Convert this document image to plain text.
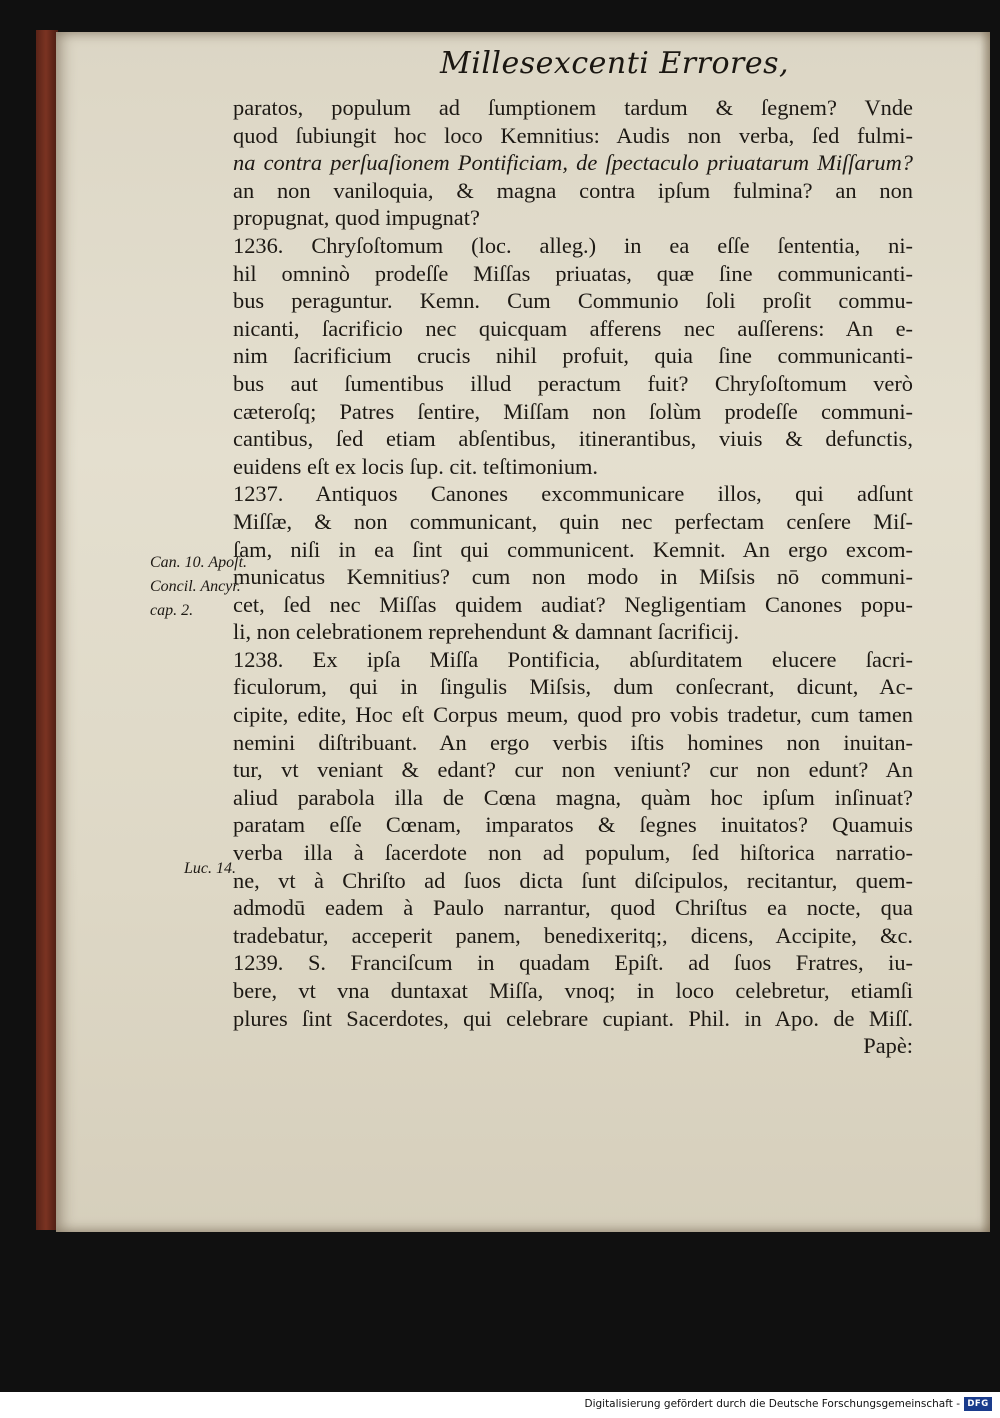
Millesexcenti Errores,
paratos, populum ad ſumptionem tardum & ſegnem? Vnde
quod ſubiungit hoc loco Kemnitius: Audis non verba, ſed fulmi-
na contra perſuaſionem Pontificiam, de ſpectaculo priuatarum Miſſarum?
an non vaniloquia, & magna contra ipſum fulmina? an non
propugnat, quod impugnat?
1236. Chryſoſtomum (loc. alleg.) in ea eſſe ſententia, ni-
hil omninò prodeſſe Miſſas priuatas, quæ ſine communicanti-
bus peraguntur. Kemn. Cum Communio ſoli proſit commu-
nicanti, ſacrificio nec quicquam afferens nec auſſerens: An e-
nim ſacrificium crucis nihil profuit, quia ſine communicanti-
bus aut ſumentibus illud peractum fuit? Chryſoſtomum verò
cæteroſq; Patres ſentire, Miſſam non ſolùm prodeſſe communi-
cantibus, ſed etiam abſentibus, itinerantibus, viuis & defunctis,
euidens eſt ex locis ſup. cit. teſtimonium.
1237. Antiquos Canones excommunicare illos, qui adſunt
Miſſæ, & non communicant, quin nec perfectam cenſere Miſ-
ſam, niſi in ea ſint qui communicent. Kemnit. An ergo excom-
municatus Kemnitius? cum non modo in Miſsis nō communi-
cet, ſed nec Miſſas quidem audiat? Negligentiam Canones popu-
li, non celebrationem reprehendunt & damnant ſacrificij.
1238. Ex ipſa Miſſa Pontificia, abſurditatem elucere ſacri-
ficulorum, qui in ſingulis Miſsis, dum conſecrant, dicunt, Ac-
cipite, edite, Hoc eſt Corpus meum, quod pro vobis tradetur, cum tamen
nemini diſtribuant. An ergo verbis iſtis homines non inuitan-
tur, vt veniant & edant? cur non veniunt? cur non edunt? An
aliud parabola illa de Cœna magna, quàm hoc ipſum inſinuat?
paratam eſſe Cœnam, imparatos & ſegnes inuitatos? Quamuis
verba illa à ſacerdote non ad populum, ſed hiſtorica narratio-
ne, vt à Chriſto ad ſuos dicta ſunt diſcipulos, recitantur, quem-
admodū eadem à Paulo narrantur, quod Chriſtus ea nocte, qua
tradebatur, acceperit panem, benedixeritq;, dicens, Accipite, &c.
1239. S. Franciſcum in quadam Epiſt. ad ſuos Fratres, iu-
bere, vt vna duntaxat Miſſa, vnoq; in loco celebretur, etiamſi
plures ſint Sacerdotes, qui celebrare cupiant. Phil. in Apo. de Miſſ.
Papè:
Can. 10. Apoſt.
Concil. Ancyr.
cap. 2.
Luc. 14.
Digitalisierung gefördert durch die Deutsche Forschungsgemeinschaft - DFG
